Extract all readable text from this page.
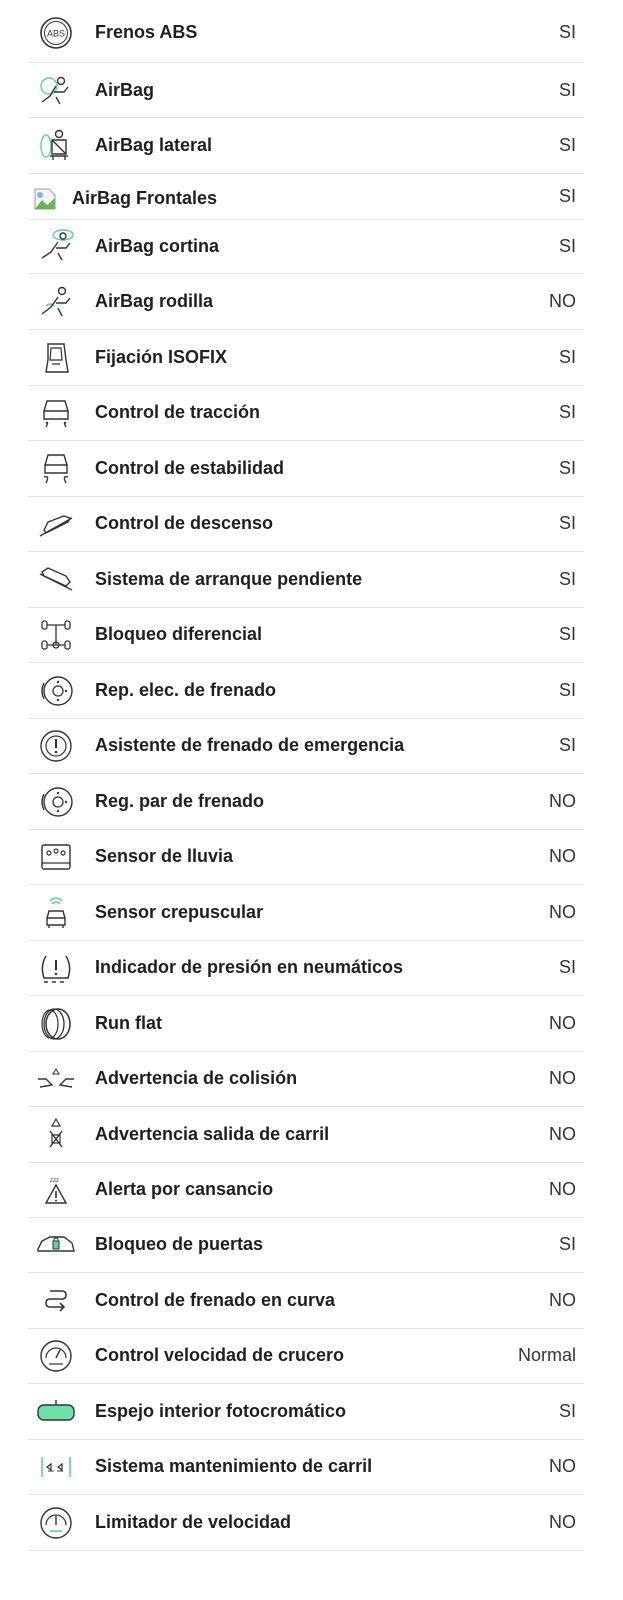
ABS Frenos ABS	SI
AirBag	SI
AirBag lateral	SI
AirBag Frontales	SI
AirBag cortina	SI
AirBag rodilla	NO
Fijación ISOFIX	SI
Control de tracción	SI
Control de estabilidad	SI
Control de descenso	SI
Sistema de arranque pendiente	SI
Bloqueo diferencial	SI
Rep. elec. de frenado	SI
Asistente de frenado de emergencia	SI
Reg. par de frenado	NO
Sensor de lluvia	NO
Sensor crepuscular	NO
Indicador de presión en neumáticos	SI
Run flat	NO
Advertencia de colisión	NO
Advertencia salida de carril	NO
zzz Alerta por cansancio	NO
Bloqueo de puertas	SI
Control de frenado en curva	NO
Control velocidad de crucero	Normal
Espejo interior fotocromático	SI
Sistema mantenimiento de carril	NO
Limitador de velocidad	NO
